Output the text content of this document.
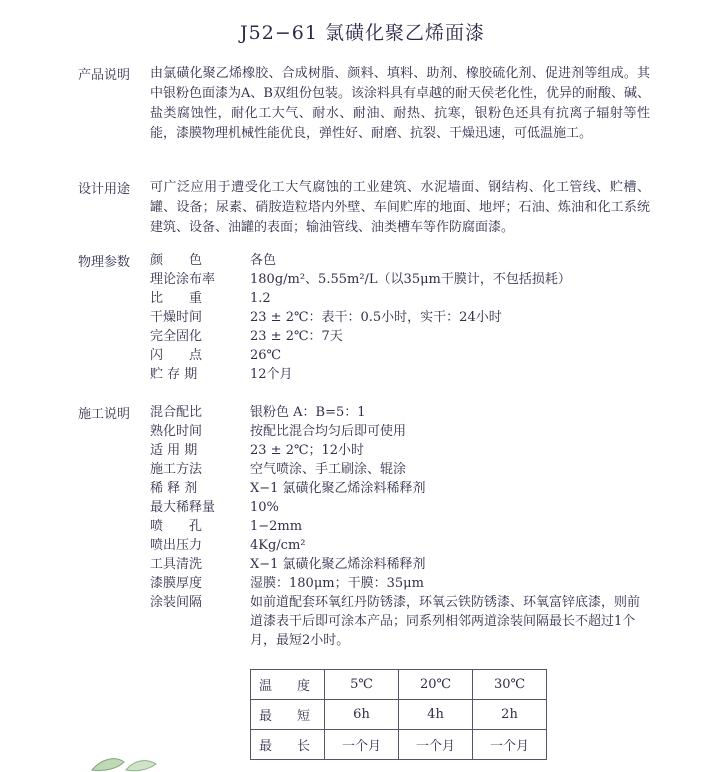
J52−61 氯磺化聚乙烯面漆
产品说明 由氯磺化聚乙烯橡胶、合成树脂、颜料、填料、助剂、橡胶硫化剂、促进剂等组成。其中银粉色面漆为A、B双组份包装。该涂料具有卓越的耐天侯老化性，优异的耐酸、碱、盐类腐蚀性，耐化工大气、耐水、耐油、耐热、抗寒，银粉色还具有抗离子辐射等性能，漆膜物理机械性能优良，弹性好、耐磨、抗裂、干燥迅速，可低温施工。

设计用途 可广泛应用于遭受化工大气腐蚀的工业建筑、水泥墙面、钢结构、化工管线、贮槽、罐、设备；尿素、硝胺造粒塔内外壁、车间贮库的地面、地坪；石油、炼油和化工系统建筑、设备、油罐的表面；输油管线、油类槽车等作防腐面漆。

物理参数 颜　　色	各色
理论涂布率	180g/m²、5.55m²/L（以35μm干膜计，不包括损耗）
比　　重	1.2
干燥时间	23 ± 2℃：表干：0.5小时，实干：24小时
完全固化	23 ± 2℃：7天
闪　　点	26℃
贮 存 期	12个月
施工说明 混合配比	银粉色 A：B=5：1
熟化时间	按配比混合均匀后即可使用
适 用 期	23 ± 2℃；12小时
施工方法	空气喷涂、手工刷涂、辊涂
稀 释 剂	X−1 氯磺化聚乙烯涂料稀释剂
最大稀释量	10%
喷　　孔	1−2mm
喷出压力	4Kg/cm²
工具清洗	X−1 氯磺化聚乙烯涂料稀释剂
漆膜厚度	湿膜：180μm；干膜：35μm
涂装间隔	如前道配套环氧红丹防锈漆，环氧云铁防锈漆、环氧富锌底漆，则前道漆表干后即可涂本产品；同系列相邻两道涂装间隔最长不超过1个月，最短2小时。
温　度	5℃	20℃	30℃
最　短	6h	4h	2h
最　长	一个月	一个月	一个月
